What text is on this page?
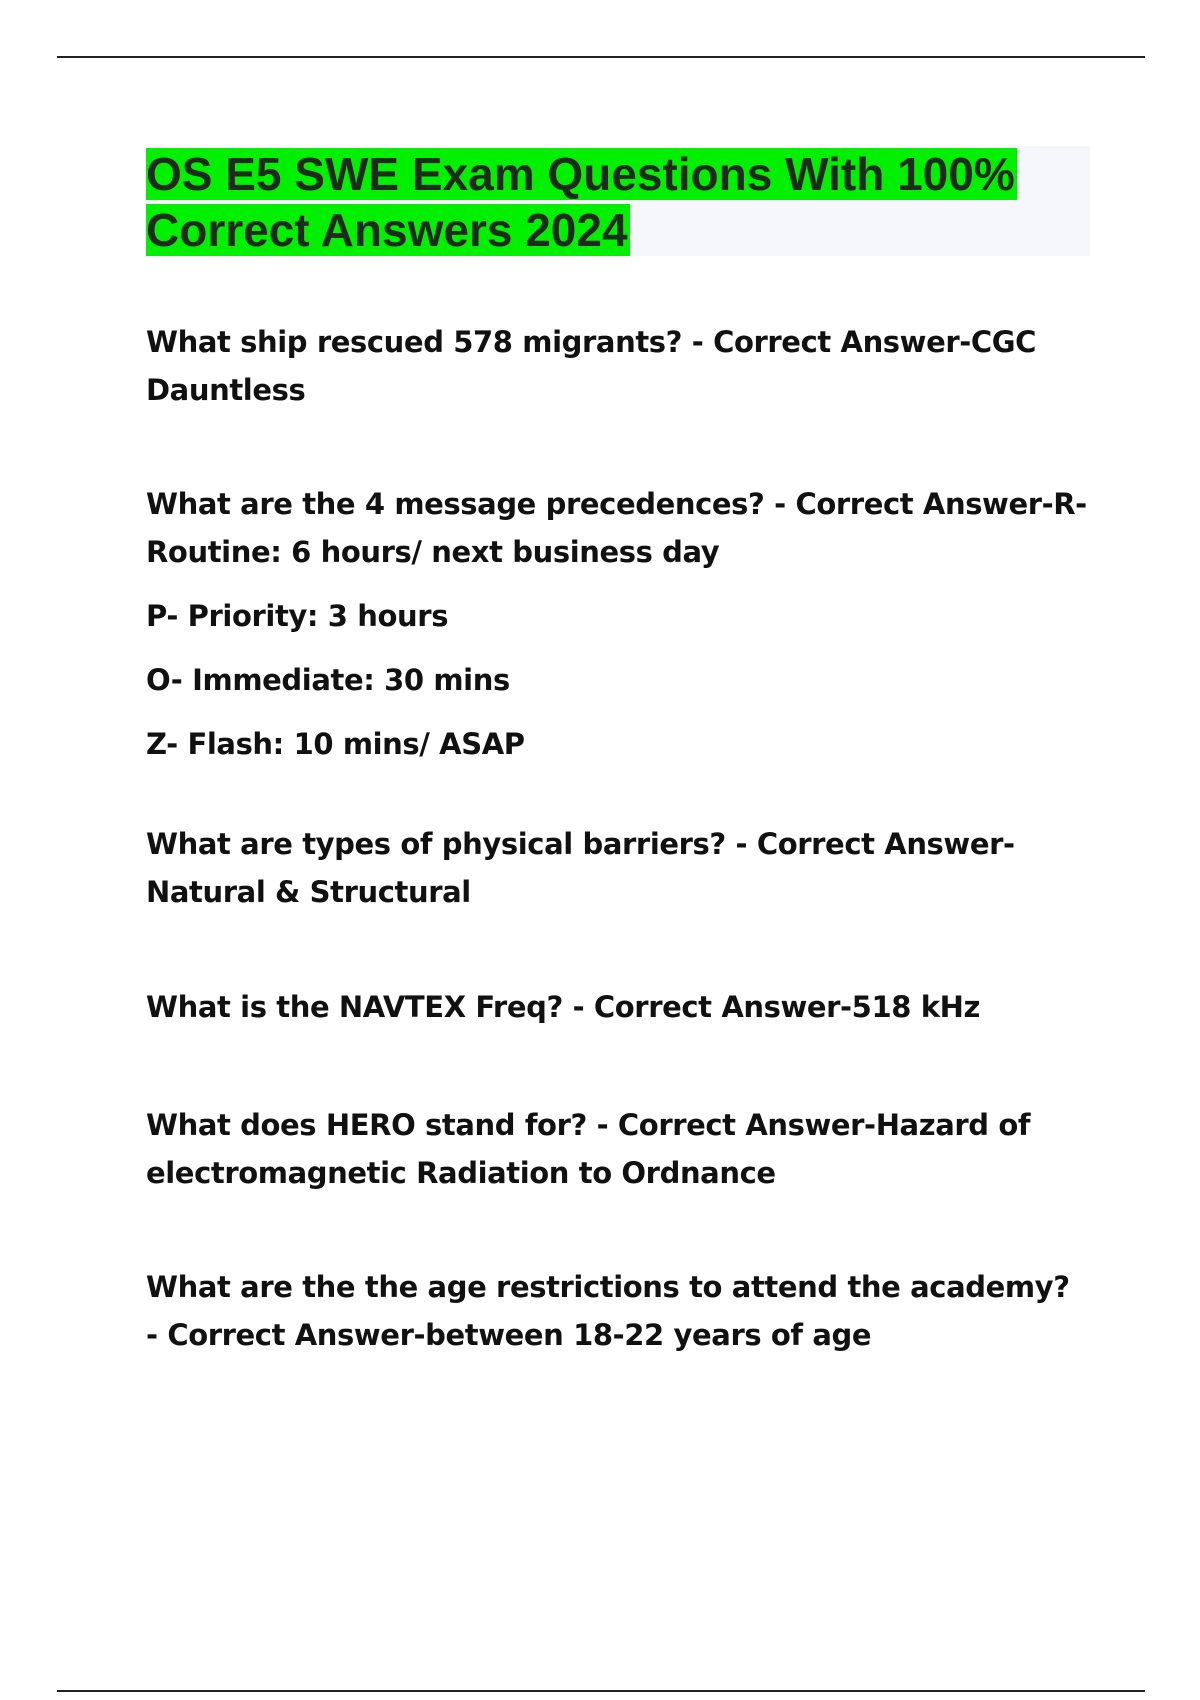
OS E5 SWE Exam Questions With 100% Correct Answers 2024

What ship rescued 578 migrants? - Correct Answer-CGC Dauntless

What are the 4 message precedences? - Correct Answer-R-Routine: 6 hours/ next business day

P- Priority: 3 hours

O- Immediate: 30 mins

Z- Flash: 10 mins/ ASAP

What are types of physical barriers? - Correct Answer-Natural & Structural

What is the NAVTEX Freq? - Correct Answer-518 kHz

What does HERO stand for? - Correct Answer-Hazard of electromagnetic Radiation to Ordnance

What are the the age restrictions to attend the academy? - Correct Answer-between 18-22 years of age
